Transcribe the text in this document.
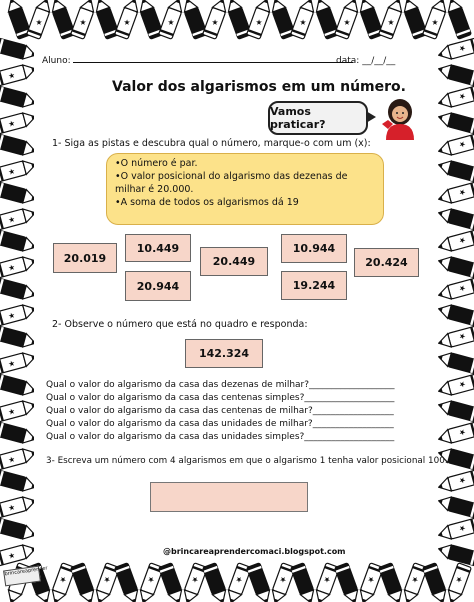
★	★	★	★	★	★	★	★	★	★
★	★	★	★	★	★	★	★	★	★
★
★
★
★
★
★
★
★
★
★
★
★
★
★
★
★
★
★
★
★
★
★
Aluno:	data: __/__/__
Valor dos algarismos em um número.
Vamos praticar?
1- Siga as pistas e descubra qual o número, marque-o com um (x):
•O número é par.
•O valor posicional do algarismo das dezenas de
milhar é 20.000.
•A soma de todos os algarismos dá 19
20.019
10.449
20.944
20.449
10.944
19.244
20.424
2- Observe o número que está no quadro e responda:
142.324
Qual o valor do algarismo da casa das dezenas de milhar?___________________
Qual o valor do algarismo da casa das centenas simples?____________________
Qual o valor do algarismo da casa das centenas de milhar?__________________
Qual o valor do algarismo da casa das unidades de milhar?__________________
Qual o valor do algarismo da casa das unidades simples?____________________
3- Escreva um número com 4 algarismos em que o algarismo 1 tenha valor posicional 100.
@brincareaprendercomaci.blogspot.com
brincareaprender
